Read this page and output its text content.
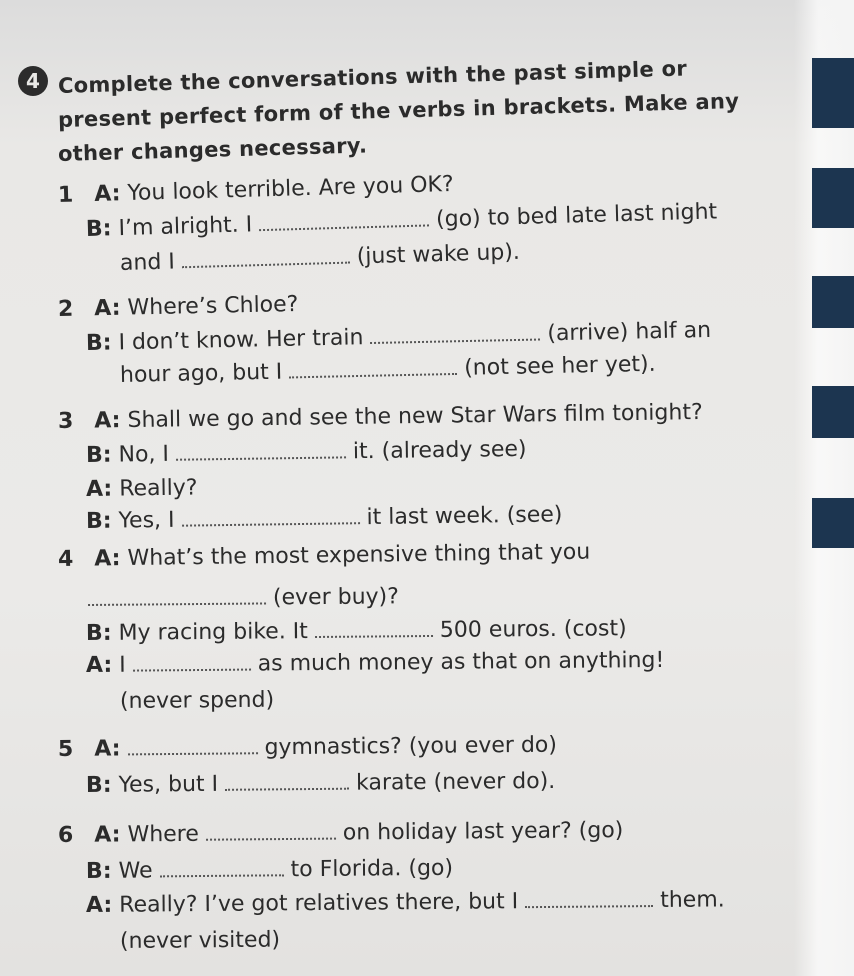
4 Complete the conversations with the past simple or
present perfect form of the verbs in brackets. Make any
other changes necessary.
1 A: You look terrible. Are you OK?
B: I’m alright. I	(go) to bed late last night
and I	(just wake up).
2 A: Where’s Chloe?
B: I don’t know. Her train	(arrive) half an
hour ago, but I	(not see her yet).
3 A: Shall we go and see the new Star Wars film tonight?
B: No, I	it. (already see)
A: Really?
B: Yes, I	it last week. (see)
4 A: What’s the most expensive thing that you
(ever buy)?
B: My racing bike. It	500 euros. (cost)
A: I	as much money as that on anything!
(never spend)
5 A:	gymnastics? (you ever do)
B: Yes, but I	karate (never do).
6 A: Where	on holiday last year? (go)
B: We	to Florida. (go)
A: Really? I’ve got relatives there, but I	them.
(never visited)
